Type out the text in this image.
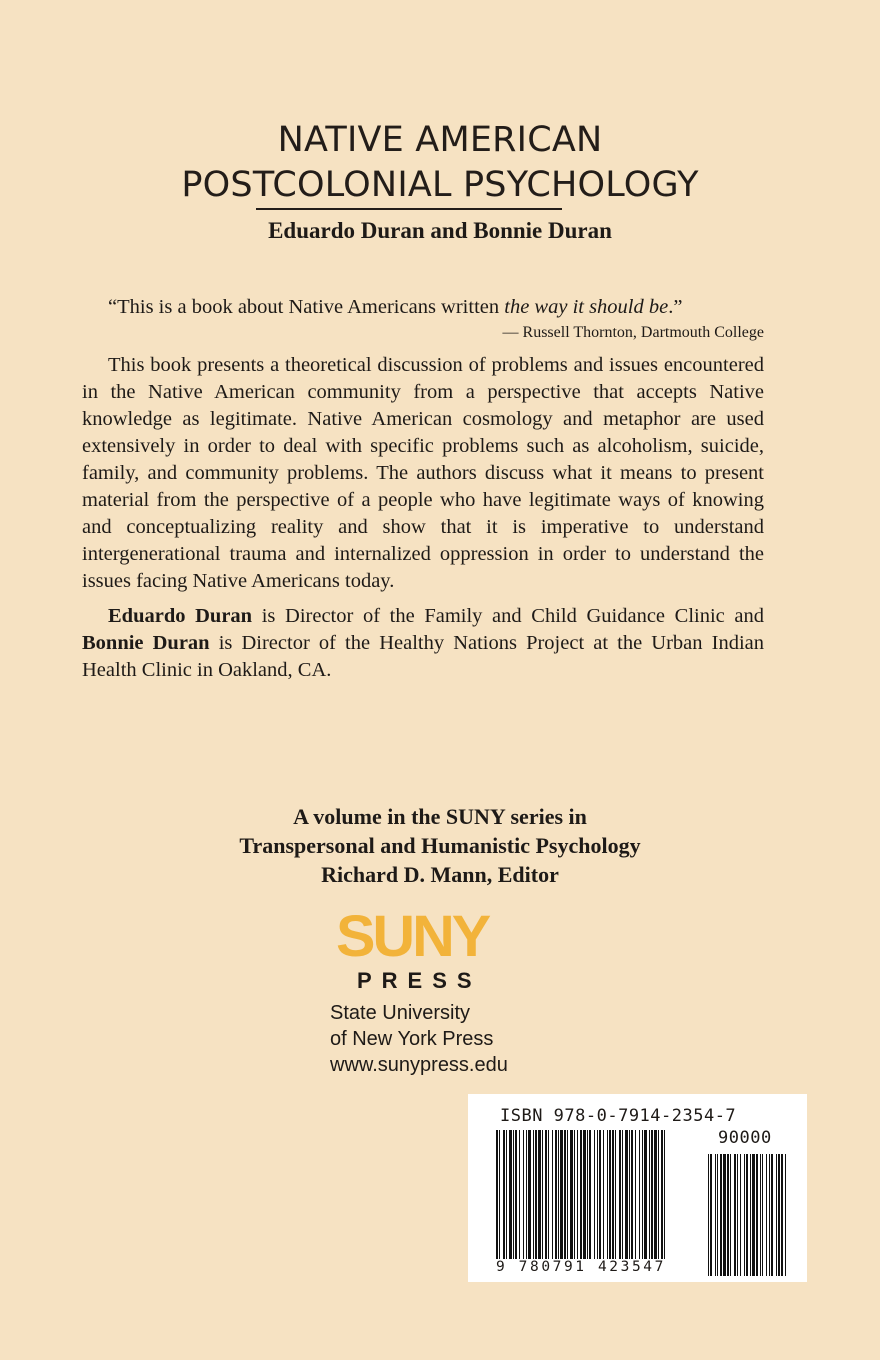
NATIVE AMERICAN
POSTCOLONIAL PSYCHOLOGY
Eduardo Duran and Bonnie Duran

“This is a book about Native Americans written the way it should be.”

— Russell Thornton, Dartmouth College

This book presents a theoretical discussion of problems and issues encountered in the Native American community from a perspective that accepts Native knowledge as legitimate. Native American cosmology and metaphor are used extensively in order to deal with specific problems such as alcoholism, suicide, family, and community problems. The authors discuss what it means to present material from the perspective of a people who have legitimate ways of knowing and conceptualizing reality and show that it is imperative to understand intergenerational trauma and internalized oppression in order to understand the issues facing Native Americans today.

Eduardo Duran is Director of the Family and Child Guidance Clinic and Bonnie Duran is Director of the Healthy Nations Project at the Urban Indian Health Clinic in Oakland, CA.

A volume in the SUNY series in
Transpersonal and Humanistic Psychology
Richard D. Mann, Editor
SUNY
PRESS
State University
of New York Press
www.sunypress.edu
ISBN 978-0-7914-2354-7
90000
9 780791 423547
